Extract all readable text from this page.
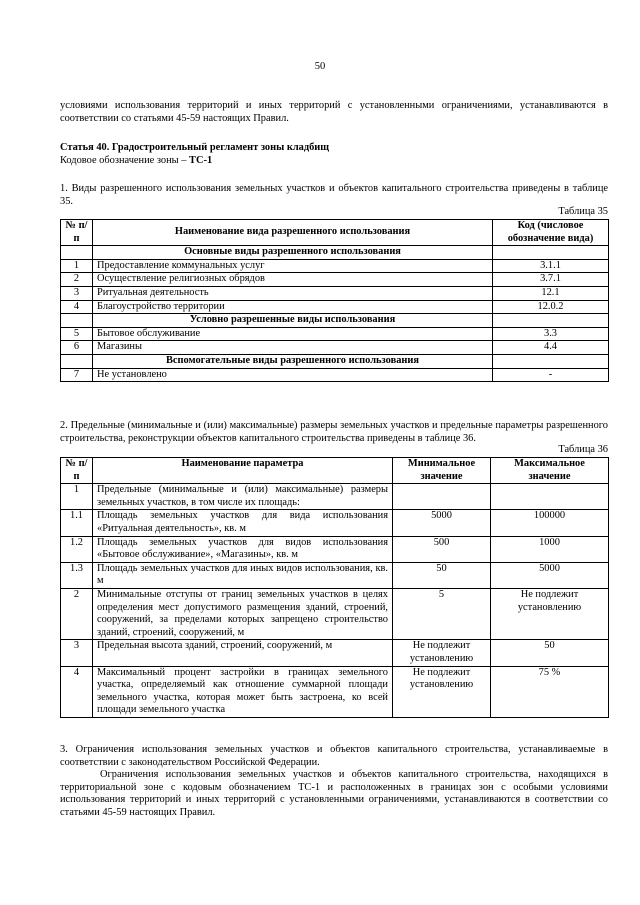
50

условиями использования территорий и иных территорий с установленными ограничениями, устанавливаются в соответствии со статьями 45-59 настоящих Правил.

Статья 40. Градостроительный регламент зоны кладбищ
Кодовое обозначение зоны – ТС-1

1. Виды разрешенного использования земельных участков и объектов капитального строительства приведены в таблице 35.

Таблица 35
№ п/п	Наименование вида разрешенного использования	Код (числовое обозначение вида)
	Основные виды разрешенного использования	
1	Предоставление коммунальных услуг	3.1.1
2	Осуществление религиозных обрядов	3.7.1
3	Ритуальная деятельность	12.1
4	Благоустройство территории	12.0.2
	Условно разрешенные виды использования	
5	Бытовое обслуживание	3.3
6	Магазины	4.4
	Вспомогательные виды разрешенного использования	
7	Не установлено	-

2. Предельные (минимальные и (или) максимальные) размеры земельных участков и предельные параметры разрешенного строительства, реконструкции объектов капитального строительства приведены в таблице 36.

Таблица 36
№ п/п	Наименование параметра	Минимальное значение	Максимальное значение
1	Предельные (минимальные и (или) максимальные) размеры земельных участков, в том числе их площадь:		
1.1	Площадь земельных участков для вида использования «Ритуальная деятельность», кв. м	5000	100000
1.2	Площадь земельных участков для видов использования «Бытовое обслуживание», «Магазины», кв. м	500	1000
1.3	Площадь земельных участков для иных видов использования, кв. м	50	5000
2	Минимальные отступы от границ земельных участков в целях определения мест допустимого размещения зданий, строений, сооружений, за пределами которых запрещено строительство зданий, строений, сооружений, м	5	Не подлежит установлению
3	Предельная высота зданий, строений, сооружений, м	Не подлежит установлению	50
4	Максимальный процент застройки в границах земельного участка, определяемый как отношение суммарной площади земельного участка, которая может быть застроена, ко всей площади земельного участка	Не подлежит установлению	75 %

3. Ограничения использования земельных участков и объектов капитального строительства, устанавливаемые в соответствии с законодательством Российской Федерации.

Ограничения использования земельных участков и объектов капитального строительства, находящихся в территориальной зоне с кодовым обозначением ТС-1 и расположенных в границах зон с особыми условиями использования территорий и иных территорий с установленными ограничениями, устанавливаются в соответствии со статьями 45-59 настоящих Правил.
